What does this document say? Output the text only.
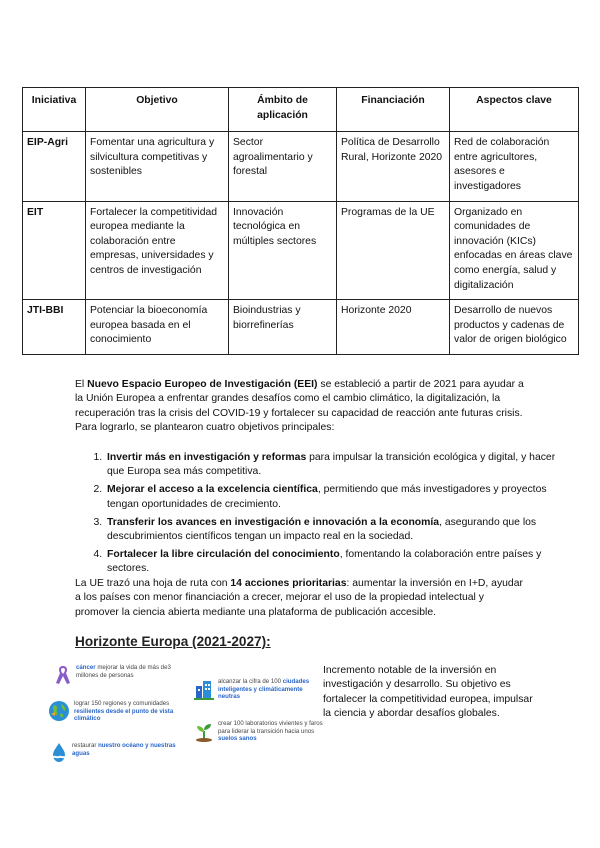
Iniciativa	Objetivo	Ámbito de aplicación	Financiación	Aspectos clave
EIP-Agri	Fomentar una agricultura y silvicultura competitivas y sostenibles	Sector agroalimentario y forestal	Política de Desarrollo Rural, Horizonte 2020	Red de colaboración entre agricultores, asesores e investigadores
EIT	Fortalecer la competitividad europea mediante la colaboración entre empresas, universidades y centros de investigación	Innovación tecnológica en múltiples sectores	Programas de la UE	Organizado en comunidades de innovación (KICs) enfocadas en áreas clave como energía, salud y digitalización
JTI-BBI	Potenciar la bioeconomía europea basada en el conocimiento	Bioindustrias y biorrefinerías	Horizonte 2020	Desarrollo de nuevos productos y cadenas de valor de origen biológico

El Nuevo Espacio Europeo de Investigación (EEI) se estableció a partir de 2021 para ayudar a la Unión Europea a enfrentar grandes desafíos como el cambio climático, la digitalización, la recuperación tras la crisis del COVID-19 y fortalecer su capacidad de reacción ante futuras crisis. Para lograrlo, se plantearon cuatro objetivos principales:

1. Invertir más en investigación y reformas para impulsar la transición ecológica y digital, y hacer que Europa sea más competitiva.
2. Mejorar el acceso a la excelencia científica, permitiendo que más investigadores y proyectos tengan oportunidades de crecimiento.
3. Transferir los avances en investigación e innovación a la economía, asegurando que los descubrimientos científicos tengan un impacto real en la sociedad.
4. Fortalecer la libre circulación del conocimiento, fomentando la colaboración entre países y sectores.

La UE trazó una hoja de ruta con 14 acciones prioritarias: aumentar la inversión en I+D, ayudar a los países con menor financiación a crecer, mejorar el uso de la propiedad intelectual y promover la ciencia abierta mediante una plataforma de publicación accesible.

Horizonte Europa (2021-2027):
cáncer mejorar la vida de más de3 millones de personas
lograr 150 regiones y comunidades resilientes desde el punto de vista climático
restaurar nuestro océano y nuestras aguas
alcanzar la cifra de 100 ciudades inteligentes y climáticamente neutras
crear 100 laboratorios vivientes y faros para liderar la transición hacia unos suelos sanos

Incremento notable de la inversión en investigación y desarrollo. Su objetivo es fortalecer la competitividad europea, impulsar la ciencia y abordar desafíos globales.
